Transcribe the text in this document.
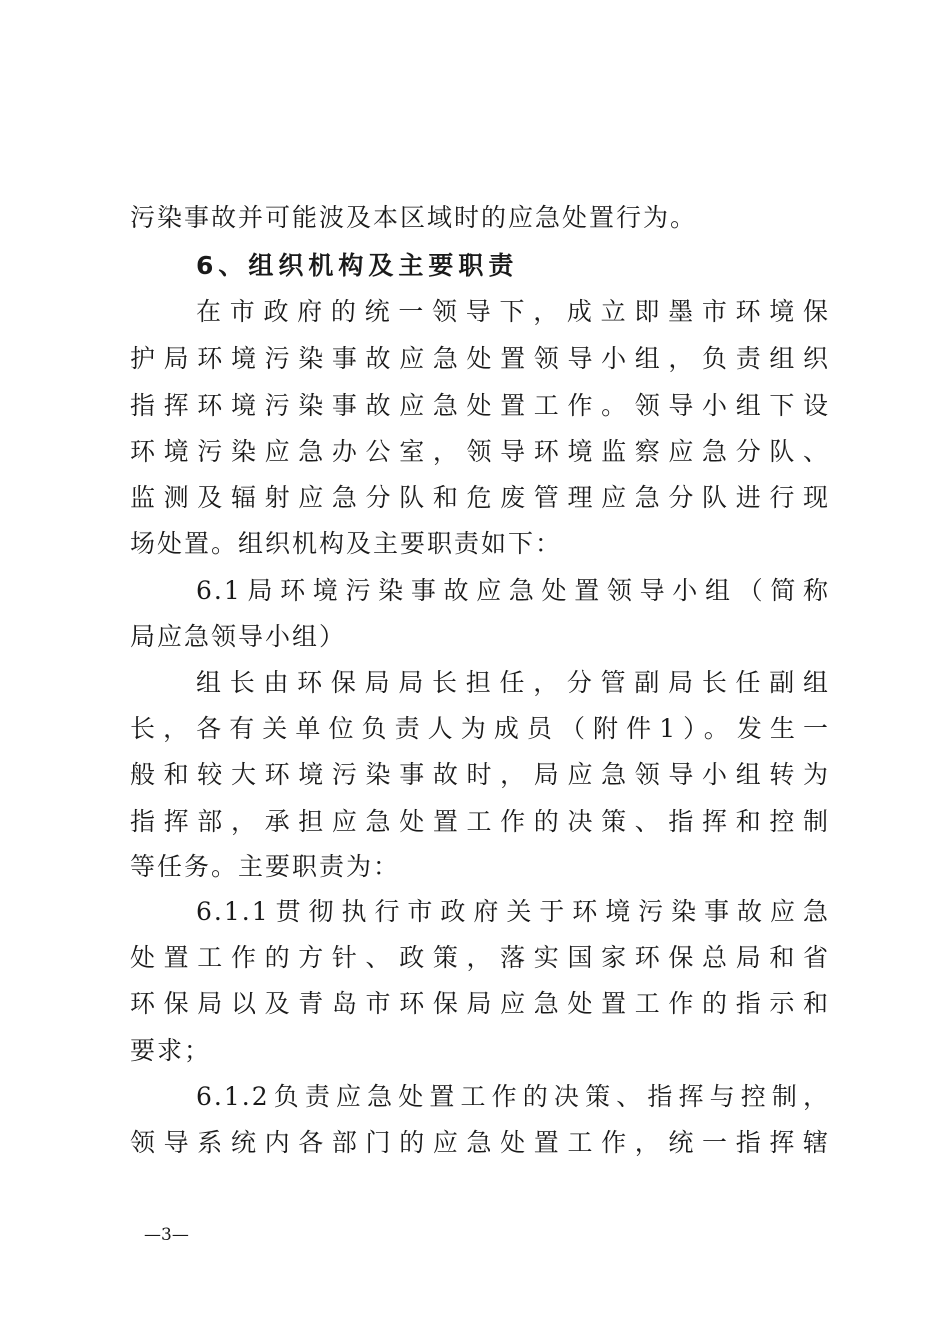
污染事故并可能波及本区域时的应急处置行为。
6、组织机构及主要职责
在市政府的统一领导下，成立即墨市环境保
护局环境污染事故应急处置领导小组，负责组织
指挥环境污染事故应急处置工作。领导小组下设
环境污染应急办公室，领导环境监察应急分队、
监测及辐射应急分队和危废管理应急分队进行现
场处置。组织机构及主要职责如下：
6.1局环境污染事故应急处置领导小组（简称
局应急领导小组）
组长由环保局局长担任，分管副局长任副组
长，各有关单位负责人为成员（附件1）。发生一
般和较大环境污染事故时，局应急领导小组转为
指挥部，承担应急处置工作的决策、指挥和控制
等任务。主要职责为：
6.1.1贯彻执行市政府关于环境污染事故应急
处置工作的方针、政策，落实国家环保总局和省
环保局以及青岛市环保局应急处置工作的指示和
要求；
6.1.2负责应急处置工作的决策、指挥与控制，
领导系统内各部门的应急处置工作，统一指挥辖
—3—
